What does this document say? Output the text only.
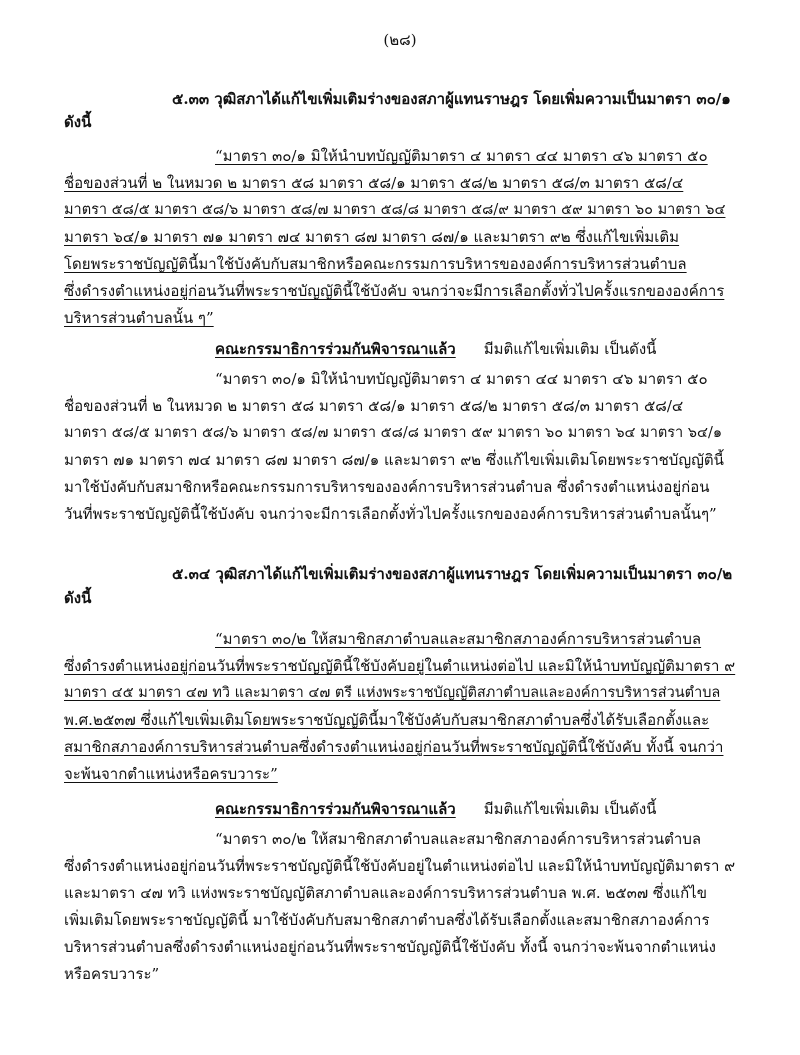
(๒๘)
๕.๓๓ วุฒิสภาได้แก้ไขเพิ่มเติมร่างของสภาผู้แทนราษฎร โดยเพิ่มความเป็นมาตรา ๓๐/๑
ดังนี้
“มาตรา ๓๐/๑ มิให้นำบทบัญญัติมาตรา ๔ มาตรา ๔๔ มาตรา ๔๖ มาตรา ๕๐
ชื่อของส่วนที่ ๒ ในหมวด ๒ มาตรา ๕๘ มาตรา ๕๘/๑ มาตรา ๕๘/๒ มาตรา ๕๘/๓ มาตรา ๕๘/๔
มาตรา ๕๘/๕ มาตรา ๕๘/๖ มาตรา ๕๘/๗ มาตรา ๕๘/๘ มาตรา ๕๘/๙ มาตรา ๕๙ มาตรา ๖๐ มาตรา ๖๔
มาตรา ๖๔/๑ มาตรา ๗๑ มาตรา ๗๔ มาตรา ๘๗ มาตรา ๘๗/๑ และมาตรา ๙๒ ซึ่งแก้ไขเพิ่มเติม
โดยพระราชบัญญัตินี้มาใช้บังคับกับสมาชิกหรือคณะกรรมการบริหารขององค์การบริหารส่วนตำบล
ซึ่งดำรงตำแหน่งอยู่ก่อนวันที่พระราชบัญญัตินี้ใช้บังคับ จนกว่าจะมีการเลือกตั้งทั่วไปครั้งแรกขององค์การ
บริหารส่วนตำบลนั้น ๆ”
คณะกรรมาธิการร่วมกันพิจารณาแล้ว มีมติแก้ไขเพิ่มเติม เป็นดังนี้
“มาตรา ๓๐/๑ มิให้นำบทบัญญัติมาตรา ๔ มาตรา ๔๔ มาตรา ๔๖ มาตรา ๕๐
ชื่อของส่วนที่ ๒ ในหมวด ๒ มาตรา ๕๘ มาตรา ๕๘/๑ มาตรา ๕๘/๒ มาตรา ๕๘/๓ มาตรา ๕๘/๔
มาตรา ๕๘/๕ มาตรา ๕๘/๖ มาตรา ๕๘/๗ มาตรา ๕๘/๘ มาตรา ๕๙ มาตรา ๖๐ มาตรา ๖๔ มาตรา ๖๔/๑
มาตรา ๗๑ มาตรา ๗๔ มาตรา ๘๗ มาตรา ๘๗/๑ และมาตรา ๙๒ ซึ่งแก้ไขเพิ่มเติมโดยพระราชบัญญัตินี้
มาใช้บังคับกับสมาชิกหรือคณะกรรมการบริหารขององค์การบริหารส่วนตำบล ซึ่งดำรงตำแหน่งอยู่ก่อน
วันที่พระราชบัญญัตินี้ใช้บังคับ จนกว่าจะมีการเลือกตั้งทั่วไปครั้งแรกขององค์การบริหารส่วนตำบลนั้นๆ”
๕.๓๔ วุฒิสภาได้แก้ไขเพิ่มเติมร่างของสภาผู้แทนราษฎร โดยเพิ่มความเป็นมาตรา ๓๐/๒
ดังนี้
“มาตรา ๓๐/๒ ให้สมาชิกสภาตำบลและสมาชิกสภาองค์การบริหารส่วนตำบล
ซึ่งดำรงตำแหน่งอยู่ก่อนวันที่พระราชบัญญัตินี้ใช้บังคับอยู่ในตำแหน่งต่อไป และมิให้นำบทบัญญัติมาตรา ๙
มาตรา ๔๕ มาตรา ๔๗ ทวิ และมาตรา ๔๗ ตรี แห่งพระราชบัญญัติสภาตำบลและองค์การบริหารส่วนตำบล
พ.ศ.๒๕๓๗ ซึ่งแก้ไขเพิ่มเติมโดยพระราชบัญญัตินี้มาใช้บังคับกับสมาชิกสภาตำบลซึ่งได้รับเลือกตั้งและ
สมาชิกสภาองค์การบริหารส่วนตำบลซึ่งดำรงตำแหน่งอยู่ก่อนวันที่พระราชบัญญัตินี้ใช้บังคับ ทั้งนี้ จนกว่า
จะพ้นจากตำแหน่งหรือครบวาระ”
คณะกรรมาธิการร่วมกันพิจารณาแล้ว มีมติแก้ไขเพิ่มเติม เป็นดังนี้
“มาตรา ๓๐/๒ ให้สมาชิกสภาตำบลและสมาชิกสภาองค์การบริหารส่วนตำบล
ซึ่งดำรงตำแหน่งอยู่ก่อนวันที่พระราชบัญญัตินี้ใช้บังคับอยู่ในตำแหน่งต่อไป และมิให้นำบทบัญญัติมาตรา ๙
และมาตรา ๔๗ ทวิ แห่งพระราชบัญญัติสภาตำบลและองค์การบริหารส่วนตำบล พ.ศ. ๒๕๓๗ ซึ่งแก้ไข
เพิ่มเติมโดยพระราชบัญญัตินี้ มาใช้บังคับกับสมาชิกสภาตำบลซึ่งได้รับเลือกตั้งและสมาชิกสภาองค์การ
บริหารส่วนตำบลซึ่งดำรงตำแหน่งอยู่ก่อนวันที่พระราชบัญญัตินี้ใช้บังคับ ทั้งนี้ จนกว่าจะพ้นจากตำแหน่ง
หรือครบวาระ”
